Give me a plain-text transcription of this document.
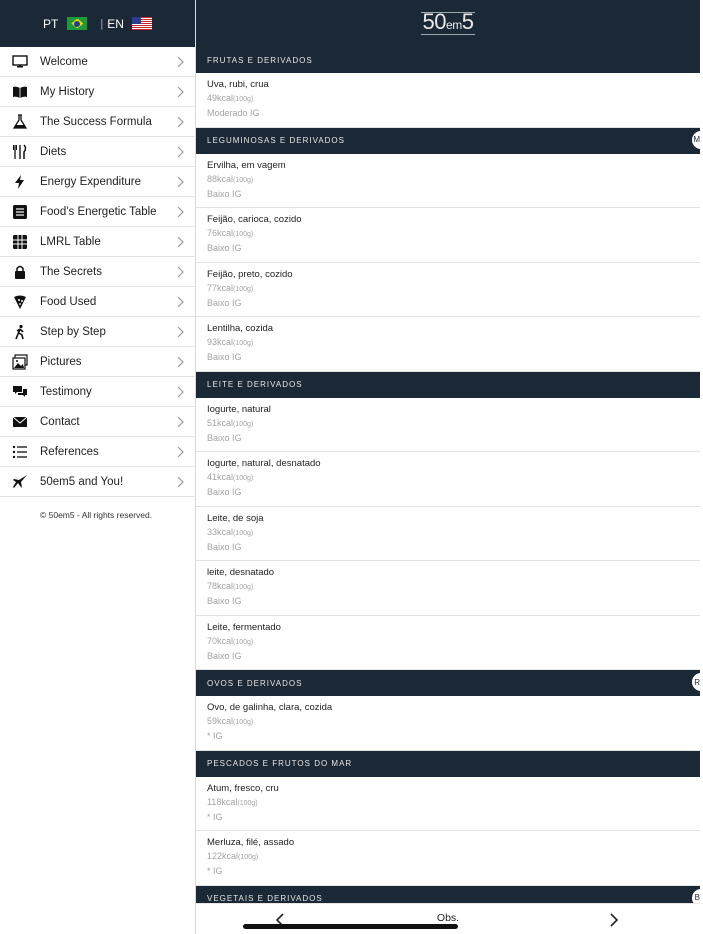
PT	| EN
Welcome
My History
The Success Formula
Diets
Energy Expenditure
Food’s Energetic Table
LMRL Table
The Secrets
Food Used
Step by Step
Pictures
Testimony
Contact
References
50em5 and You!
© 50em5 - All rights reserved.
50em5
FRUTAS E DERIVADOS
Uva, rubi, crua
49kcal(100g)
Moderado IG
LEGUMINOSAS E DERIVADOS	M
Ervilha, em vagem
88kcal(100g)
Baixo IG
Feijão, carioca, cozido
76kcal(100g)
Baixo IG
Feijão, preto, cozido
77kcal(100g)
Baixo IG
Lentilha, cozida
93kcal(100g)
Baixo IG
LEITE E DERIVADOS
Iogurte, natural
51kcal(100g)
Baixo IG
Iogurte, natural, desnatado
41kcal(100g)
Baixo IG
Leite, de soja
33kcal(100g)
Baixo IG
leite, desnatado
78kcal(100g)
Baixo IG
Leite, fermentado
70kcal(100g)
Baixo IG
OVOS E DERIVADOS	R
Ovo, de galinha, clara, cozida
59kcal(100g)
* IG
PESCADOS E FRUTOS DO MAR
Atum, fresco, cru
118kcal(100g)
* IG
Merluza, filé, assado
122kcal(100g)
* IG
VEGETAIS E DERIVADOS	B
Obs.
